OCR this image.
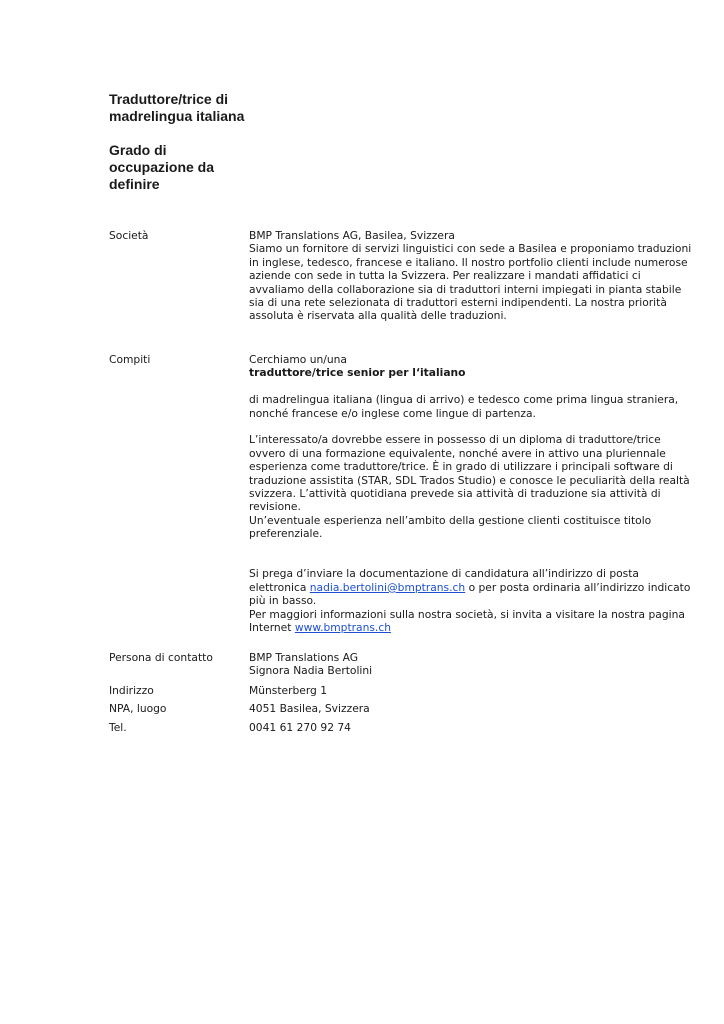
Traduttore/trice di madrelingua italiana

Grado di occupazione da definire

Società	BMP Translations AG, Basilea, Svizzera

Siamo un fornitore di servizi linguistici con sede a Basilea e proponiamo traduzioni in inglese, tedesco, francese e italiano. Il nostro portfolio clienti include numerose aziende con sede in tutta la Svizzera. Per realizzare i mandati affidatici ci avvaliamo della collaborazione sia di traduttori interni impiegati in pianta stabile sia di una rete selezionata di traduttori esterni indipendenti. La nostra priorità assoluta è riservata alla qualità delle traduzioni.

Compiti	Cerchiamo un/una

traduttore/trice senior per l‘italiano

di madrelingua italiana (lingua di arrivo) e tedesco come prima lingua straniera, nonché francese e/o inglese come lingue di partenza.

L’interessato/a dovrebbe essere in possesso di un diploma di traduttore/trice ovvero di una formazione equivalente, nonché avere in attivo una pluriennale esperienza come traduttore/trice. È in grado di utilizzare i principali software di traduzione assistita (STAR, SDL Trados Studio) e conosce le peculiarità della realtà svizzera. L’attività quotidiana prevede sia attività di traduzione sia attività di revisione.

Un’eventuale esperienza nell’ambito della gestione clienti costituisce titolo preferenziale.

Si prega d’inviare la documentazione di candidatura all’indirizzo di posta elettronica nadia.bertolini@bmptrans.ch o per posta ordinaria all’indirizzo indicato più in basso.

Per maggiori informazioni sulla nostra società, si invita a visitare la nostra pagina Internet www.bmptrans.ch

Persona di contatto	BMP Translations AG

Signora Nadia Bertolini

Indirizzo	Münsterberg 1
NPA, luogo	4051 Basilea, Svizzera
Tel.	0041 61 270 92 74
